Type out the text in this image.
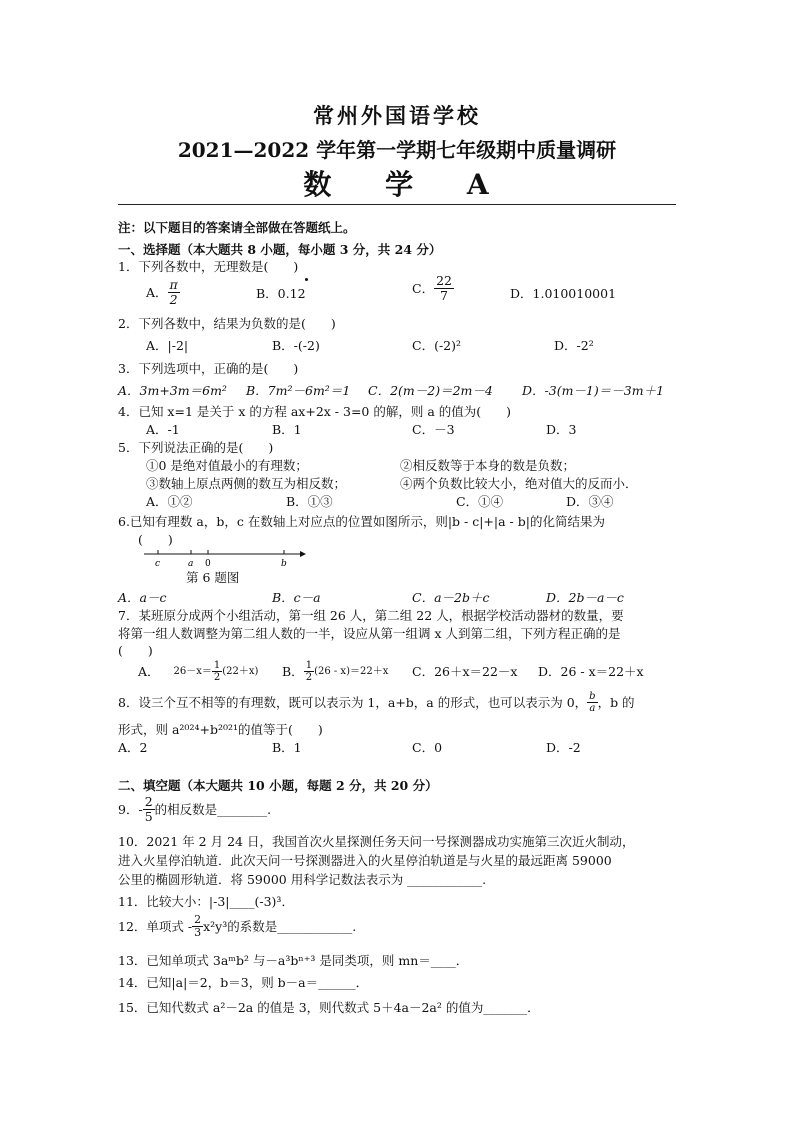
常州外国语学校
2021—2022 学年第一学期七年级期中质量调研
数 学 A
注：以下题目的答案请全部做在答题纸上。
一、选择题（本大题共 8 小题，每小题 3 分，共 24 分）
1．下列各数中，无理数是(　　)
A． $\frac{\pi}{2}$	B．0.12	C． $\frac{22}{7}$	D．1.010010001
2．下列各数中，结果为负数的是(　　)
A．|-2|	B．-(-2)	C．(-2)²	D．-2²
3．下列选项中，正确的是(　　)
A．3m+3m＝6m² B．7m²－6m²＝1 C．2(m－2)＝2m－4 D．-3(m－1)＝－3m＋1
4．已知 x=1 是关于 x 的方程 ax+2x - 3=0 的解，则 a 的值为(　　)
A．-1	B．1	C．－3	D．3
5．下列说法正确的是(　　)
①0 是绝对值最小的有理数；	②相反数等于本身的数是负数；
③数轴上原点两侧的数互为相反数；	④两个负数比较大小，绝对值大的反而小．
A．①②	B．①③	C．①④	D．③④
6.已知有理数 a，b，c 在数轴上对应点的位置如图所示，则|b - c|+|a - b|的化简结果为
(　　)
c	a 0	b
第 6 题图
A．a－c	B．c－a	C．a－2b＋c	D．2b－a－c
7．某班原分成两个小组活动，第一组 26 人，第二组 22 人，根据学校活动器材的数量，要
将第一组人数调整为第二组人数的一半，设应从第一组调 x 人到第二组，下列方程正确的是
(　　)
A． $26-x= \frac{1}{2} (22+x)$ B． $\frac{1}{2} (26 - x)=22+x$ C．26＋x＝22－x D．26 - x＝22＋x
8．设三个互不相等的有理数，既可以表示为 1，a+b，a 的形式，也可以表示为 0， $\frac{b}{a}$ ，b 的
形式，则 a²⁰²⁴+b²⁰²¹的值等于(　　)
A．2	B．1	C．0	D．-2
二、填空题（本大题共 10 小题，每题 2 分，共 20 分）
9．- $\frac{2}{5}$ 的相反数是________.
10．2021 年 2 月 24 日，我国首次火星探测任务天问一号探测器成功实施第三次近火制动，
进入火星停泊轨道．此次天问一号探测器进入的火星停泊轨道是与火星的最远距离 59000
公里的椭圆形轨道．将 59000 用科学记数法表示为 ____________.
11．比较大小：|-3|____(-3)³．
12．单项式 - $\frac{2}{3} x^2y^3$的系数是____________.
13．已知单项式 3aᵐb² 与－a³bⁿ⁺³ 是同类项，则 mn＝____．
14．已知|a|＝2，b＝3，则 b－a＝______．
15．已知代数式 a²－2a 的值是 3，则代数式 5＋4a－2a² 的值为_______．
